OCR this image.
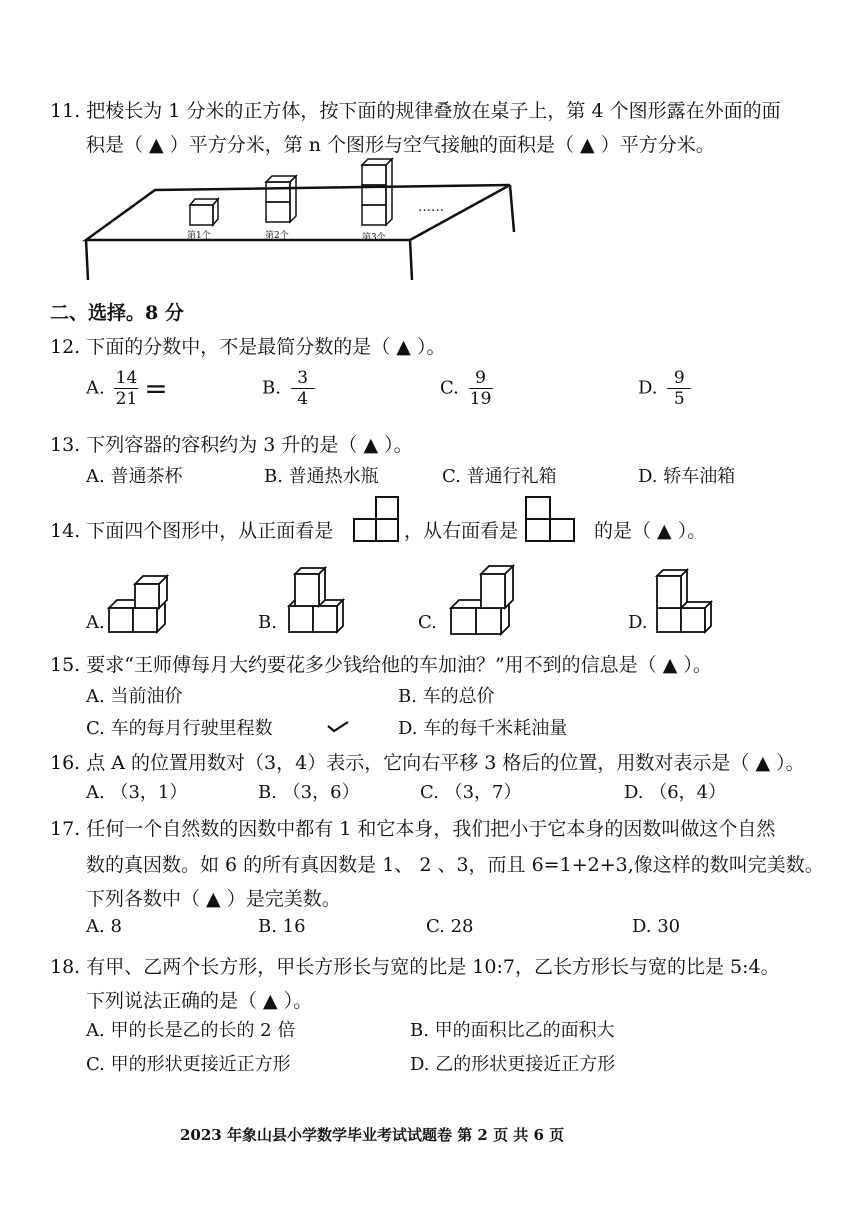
11. 把棱长为 1 分米的正方体，按下面的规律叠放在桌子上，第 4 个图形露在外面的面
积是（ ▲ ）平方分米，第 n 个图形与空气接触的面积是（ ▲ ）平方分米。
第1个	第2个	第3个
……
二、选择。8 分
12. 下面的分数中，不是最简分数的是（ ▲ ）。
A. $\frac{14}{21}$ =	B. $\frac{3}{4}$	C. $\frac{9}{19}$	D. $\frac{9}{5}$
13. 下列容器的容积约为 3 升的是（ ▲ ）。
A. 普通茶杯	B. 普通热水瓶	C. 普通行礼箱	D. 轿车油箱
14. 下面四个图形中，从正面看是	，从右面看是	的是（ ▲ ）。
A.	B.	C.	D.
15. 要求“王师傅每月大约要花多少钱给他的车加油？”用不到的信息是（ ▲ ）。
A. 当前油价	B. 车的总价
C. 车的每月行驶里程数	D. 车的每千米耗油量
16. 点 A 的位置用数对（3，4）表示，它向右平移 3 格后的位置，用数对表示是（ ▲ ）。
A. （3，1）	B. （3，6）	C. （3，7）	D. （6，4）
17. 任何一个自然数的因数中都有 1 和它本身，我们把小于它本身的因数叫做这个自然
数的真因数。如 6 的所有真因数是 1、 2 、3，而且 6=1+2+3,像这样的数叫完美数。
下列各数中（ ▲ ）是完美数。
A. 8	B. 16	C. 28	D. 30
18. 有甲、乙两个长方形，甲长方形长与宽的比是 10:7，乙长方形长与宽的比是 5:4。
下列说法正确的是（ ▲ ）。
A. 甲的长是乙的长的 2 倍	B. 甲的面积比乙的面积大
C. 甲的形状更接近正方形	D. 乙的形状更接近正方形
2023 年象山县小学数学毕业考试试题卷 第 2 页 共 6 页
